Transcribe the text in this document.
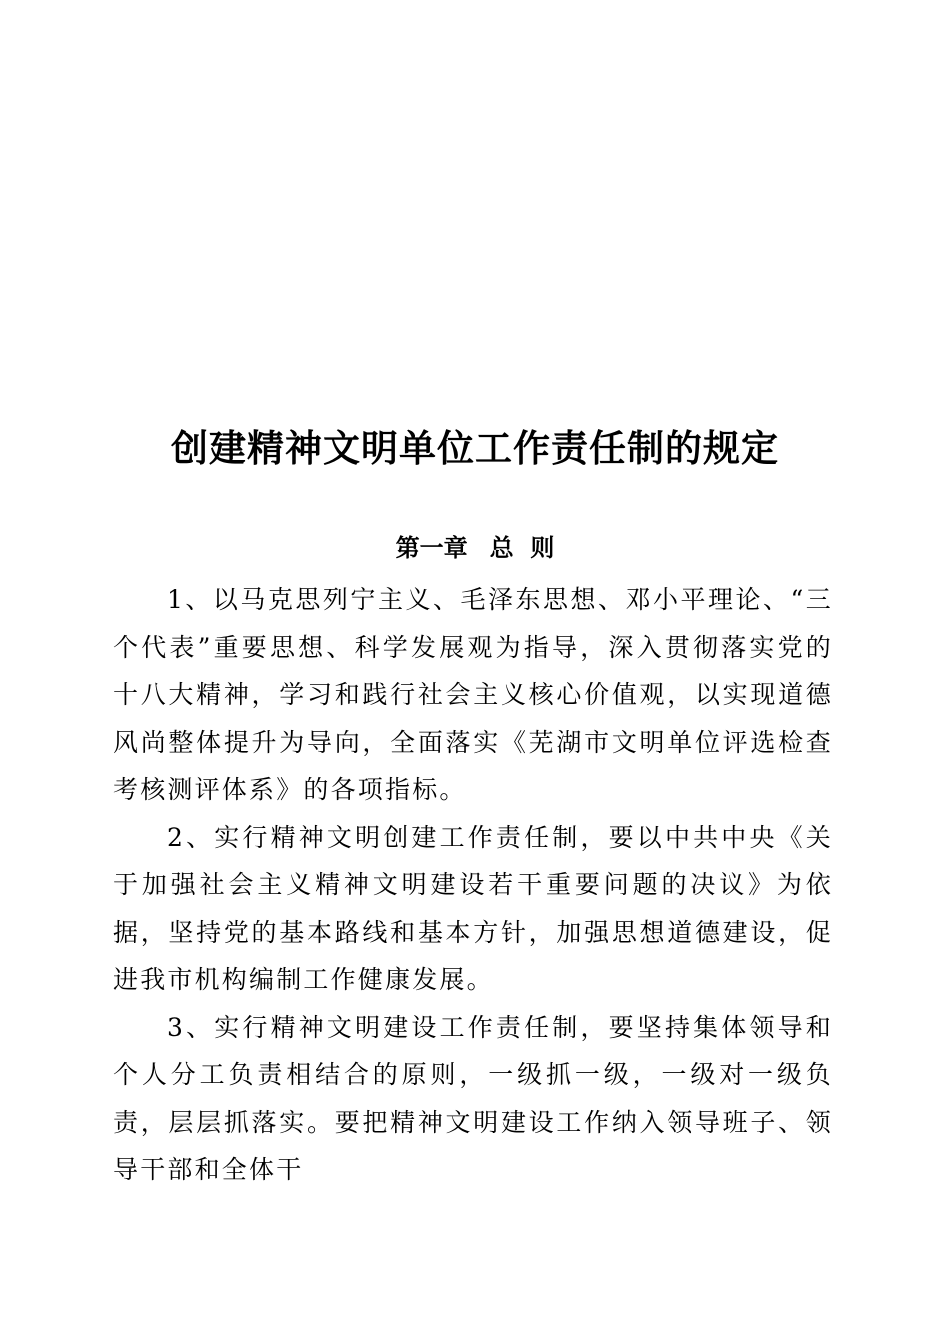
创建精神文明单位工作责任制的规定
第一章 总  则

1、以马克思列宁主义、毛泽东思想、邓小平理论、“三个代表”重要思想、科学发展观为指导，深入贯彻落实党的十八大精神，学习和践行社会主义核心价值观，以实现道德风尚整体提升为导向，全面落实《芜湖市文明单位评选检查考核测评体系》的各项指标。

2、实行精神文明创建工作责任制，要以中共中央《关于加强社会主义精神文明建设若干重要问题的决议》为依据，坚持党的基本路线和基本方针，加强思想道德建设，促进我市机构编制工作健康发展。

3、实行精神文明建设工作责任制，要坚持集体领导和个人分工负责相结合的原则，一级抓一级，一级对一级负责，层层抓落实。要把精神文明建设工作纳入领导班子、领导干部和全体干
